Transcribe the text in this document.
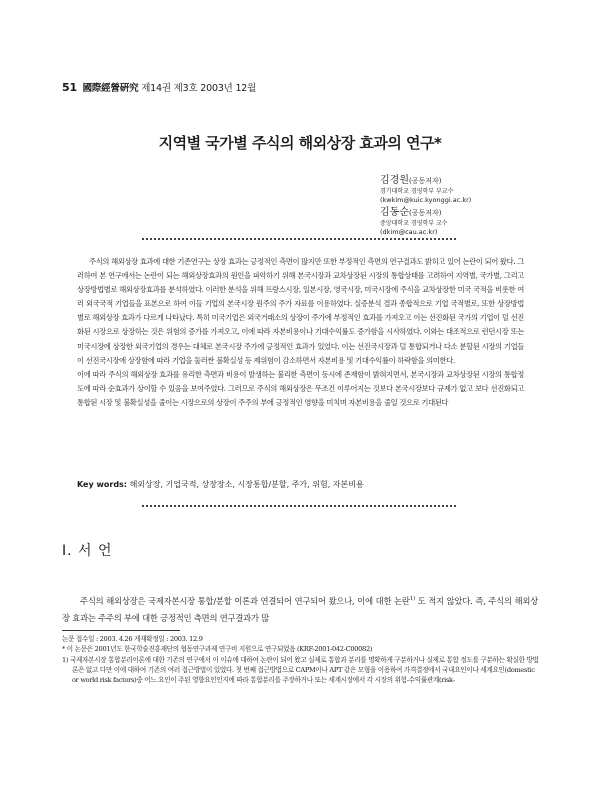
51 國際經營硏究 제14권 제3호 2003년 12월
지역별 국가별 주식의 해외상장 효과의 연구*
김경원(공동저자)
경기대학교 경영학부 부교수
(kwkim@kuic.kyonggi.ac.kr)
김동순(공동저자)
중앙대학교 경영학부 교수
(dkim@cau.ac.kr)

주식의 해외상장 효과에 대한 기존연구는 상장 효과는 긍정적인 측면이 많지만 또한 부정적인 측면의 연구결과도 밝히고 있어 논란이 되어 왔다. 그러하여 본 연구에서는 논란이 되는 해외상장효과의 원인을 파악하기 위해 본국시장과 교차상장된 시장의 통합상태를 고려하여 지역별, 국가별, 그리고 상장방법별로 해외상장효과를 분석하였다. 이러한 분석을 위해 프랑스시장, 일본시장, 영국시장, 미국시장에 주식을 교차상장한 미국 국적을 비롯한 여러 외국국적 기업들을 표본으로 하여 이들 기업의 본국시장 원주의 주가 자료를 이용하였다. 실증분석 결과 종합적으로 기업 국적별로, 또한 상장방법별로 해외상장 효과가 다르게 나타났다. 특히 미국기업은 외국거래소의 상장이 주가에 부정적인 효과를 가져오고 이는 선진화된 국가의 기업이 덜 선진화된 시장으로 상장하는 것은 위험의 증가를 가져오고, 이에 따라 자본비용이나 기대수익률도 증가함을 시사하였다. 이와는 대조적으로 런던시장 또는 미국시장에 상장한 외국기업의 경우는 대체로 본국시장 주가에 긍정적인 효과가 있었다. 이는 선진국시장과 덜 통합되거나 다소 분할된 시장의 기업들이 선진국시장에 상장함에 따라 기업을 둘러싼 불확실성 등 제위험이 감소하면서 자본비용 및 기대수익률이 하락함을 의미한다.

이에 따라 주식의 해외상장 효과를 유리한 측면과 비용이 발생하는 불리한 측면이 동시에 존재함이 밝혀지면서, 본국시장과 교차상장된 시장의 통합정도에 따라 순효과가 상이할 수 있음을 보여주었다. 그러므로 주식의 해외상장은 무조건 이루어지는 것보다 본국시장보다 규제가 없고 보다 선진화되고 통합된 시장 및 불확실성을 줄이는 시장으로의 상장이 주주의 부에 긍정적인 영향을 미치며 자본비용을 줄일 것으로 기대된다

Key words: 해외상장, 기업국적, 상장장소, 시장통합/분할, 주가, 위험, 자본비용
Ⅰ. 서 언

주식의 해외상장은 국제자본시장 통합/분할 이론과 연결되어 연구되어 왔으나, 이에 대한 논란$^{1)}$ 도 적지 않았다. 즉, 주식의 해외상장 효과는 주주의 부에 대한 긍정적인 측면의 연구결과가 많

논문 접수일 : 2003. 4.26 게재확정일 : 2003. 12.9

* 이 논문은 2001년도 한국학술진흥재단의 협동연구과제 연구비 지원으로 연구되었음 (KRF-2001-042-C00082)

1) 국제자본시장 통합분리이론에 대한 기존의 연구에서 이 이슈에 대하여 논란이 되어 왔고 실제로 통합과 분리를 명확하게 구분하거나 실제로 통합 정도를 구분하는 확실한 방법론은 없고 다만 이에 대하여 기존의 여러 접근방법이 있었다. 첫 번째 접근방법으로 CAPM이나 APT 같은 모형을 이용하여 가격결정에서 국내요인이나 세계요인(domestic or world risk factors)중 어느 요인이 주된 영향요인인지에 따라 통합분리를 주장하거나 또는 세계시장에서 각 시장의 위험-수익률관계(risk-
